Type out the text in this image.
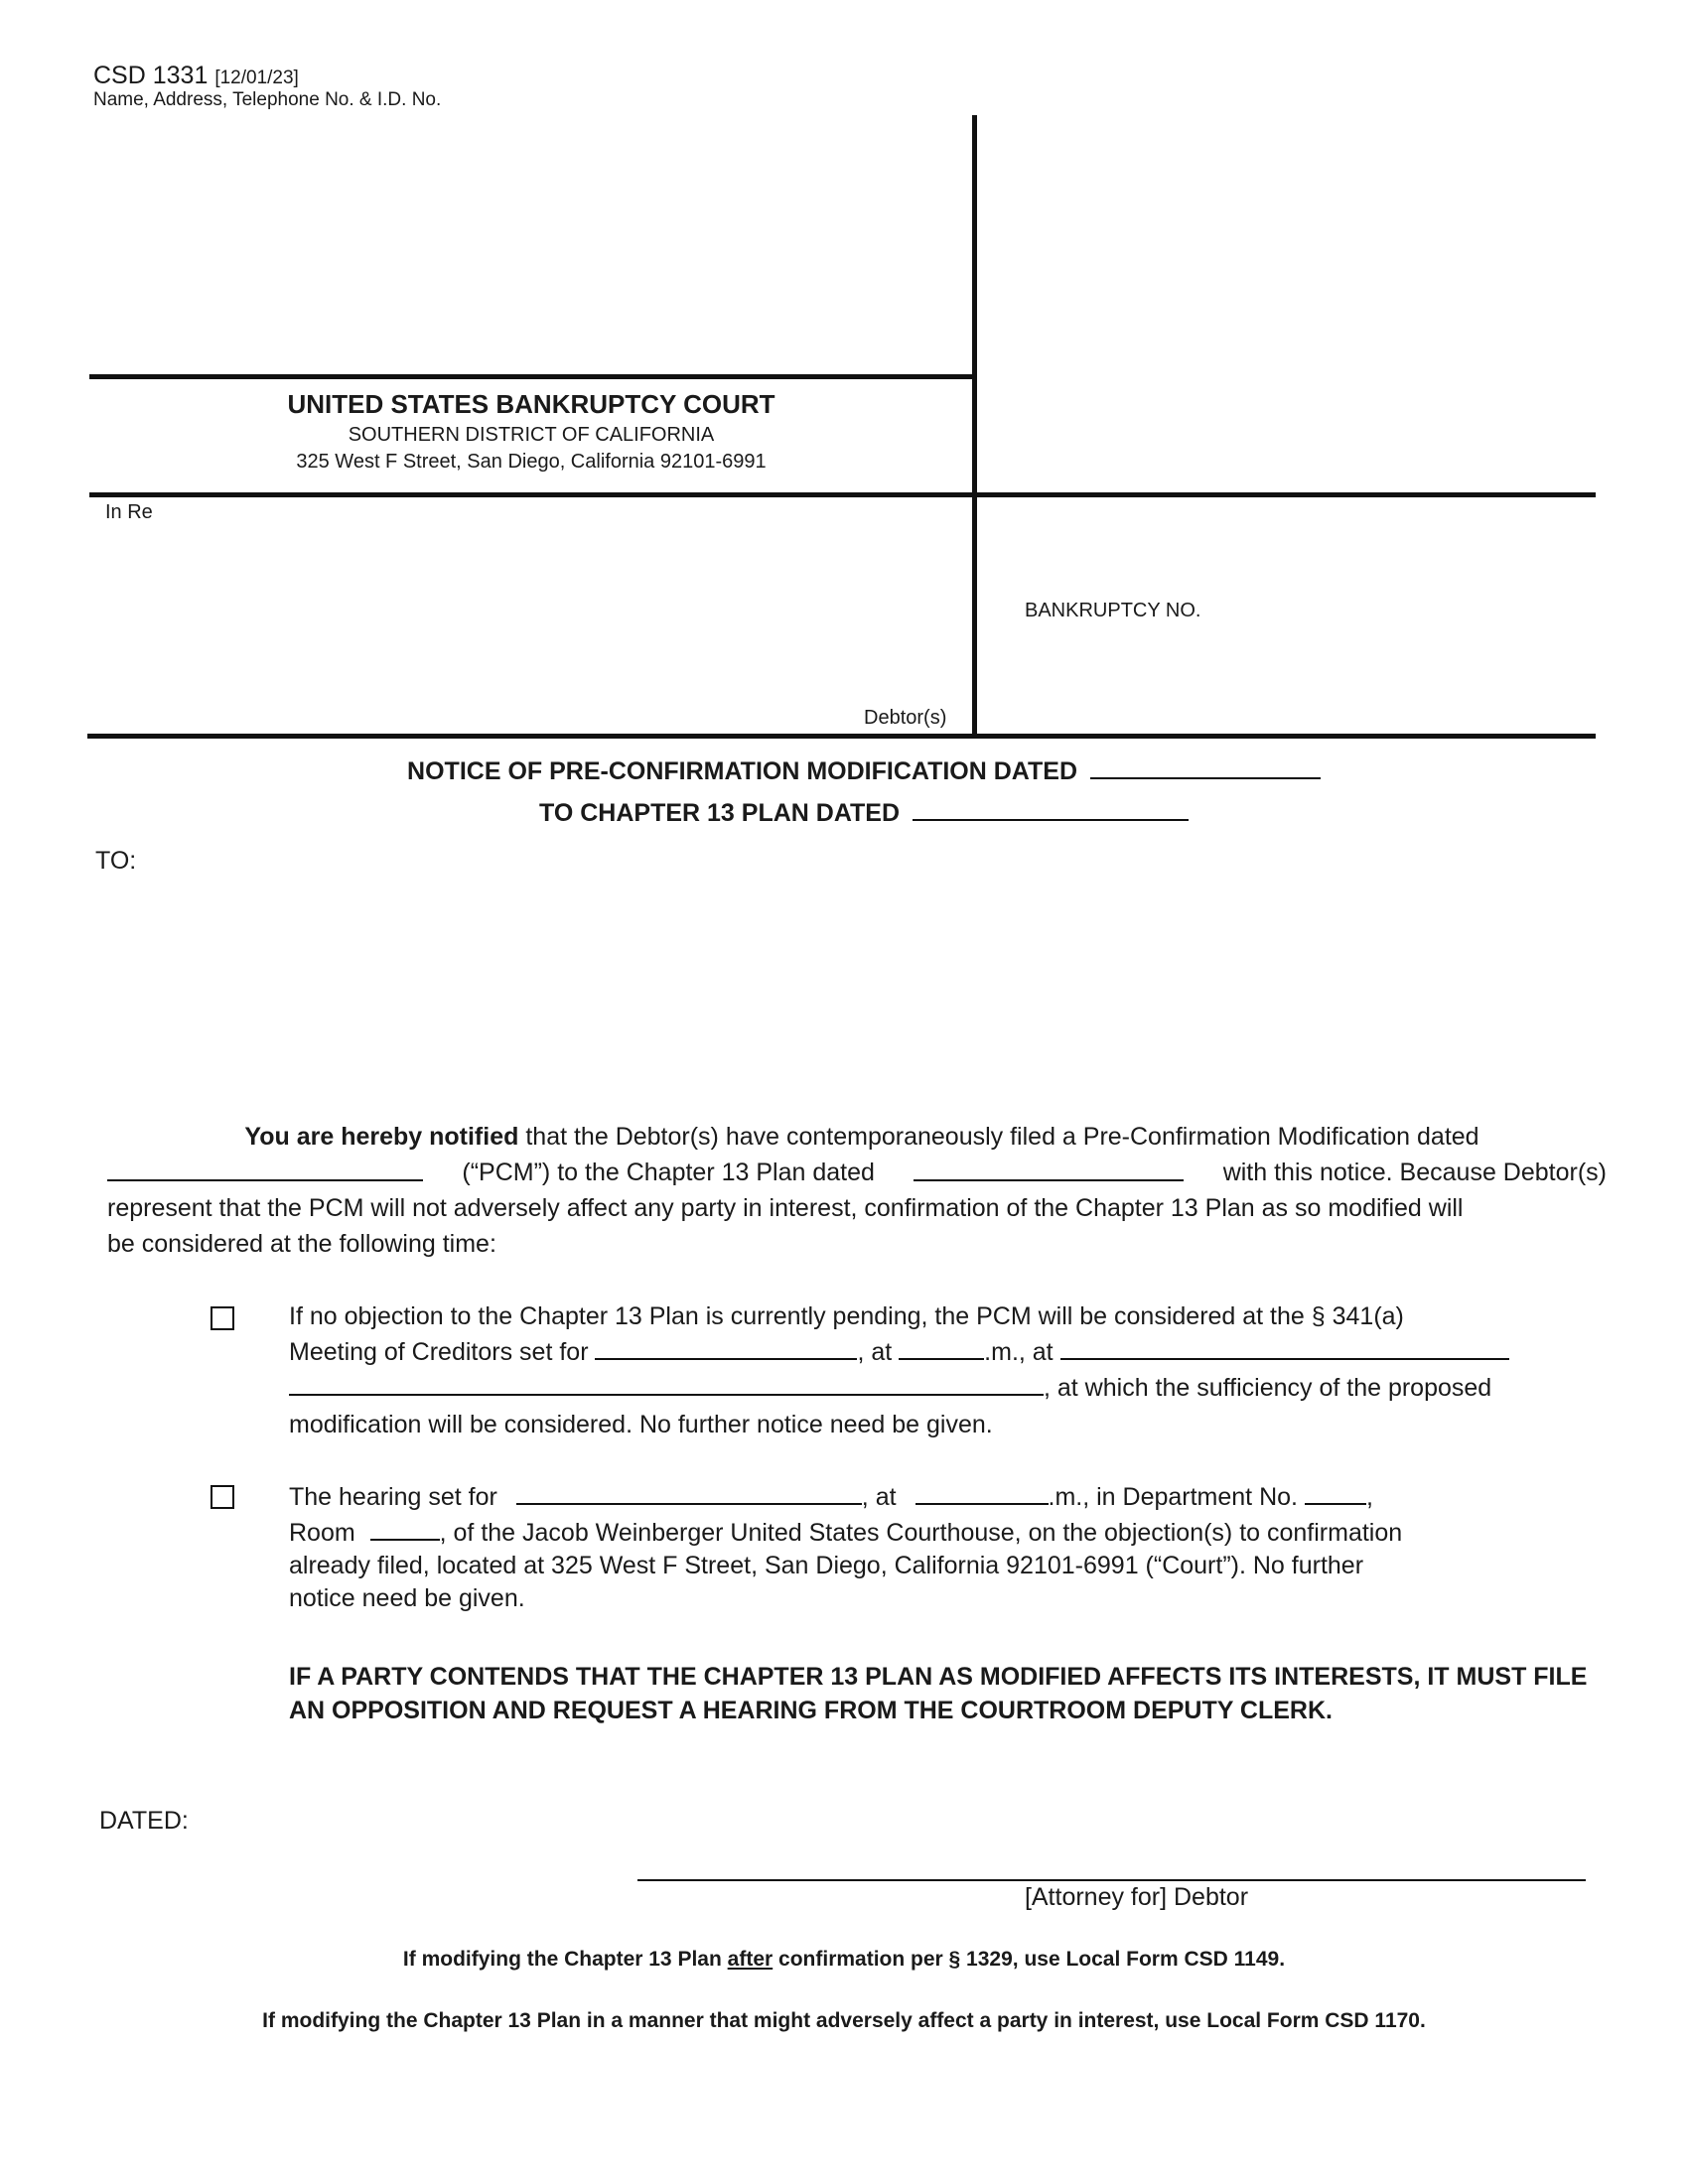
CSD 1331 [12/01/23]
Name, Address, Telephone No. & I.D. No.
UNITED STATES BANKRUPTCY COURT
SOUTHERN DISTRICT OF CALIFORNIA
325 West F Street, San Diego, California 92101-6991
In Re
BANKRUPTCY NO.
Debtor(s)
NOTICE OF PRE-CONFIRMATION MODIFICATION DATED
TO CHAPTER 13 PLAN DATED
TO:
You are hereby notified that the Debtor(s) have contemporaneously filed a Pre-Confirmation Modification dated
(“PCM”) to the Chapter 13 Plan dated	with this notice. Because Debtor(s)
represent that the PCM will not adversely affect any party in interest, confirmation of the Chapter 13 Plan as so modified will
be considered at the following time:
If no objection to the Chapter 13 Plan is currently pending, the PCM will be considered at the § 341(a)
Meeting of Creditors set for	, at	.m., at
, at which the sufficiency of the proposed
modification will be considered. No further notice need be given.
The hearing set for	, at	.m., in Department No.	,
Room	, of the Jacob Weinberger United States Courthouse, on the objection(s) to confirmation
already filed, located at 325 West F Street, San Diego, California 92101-6991 (“Court”). No further
notice need be given.
IF A PARTY CONTENDS THAT THE CHAPTER 13 PLAN AS MODIFIED AFFECTS ITS INTERESTS, IT MUST FILE AN OPPOSITION AND REQUEST A HEARING FROM THE COURTROOM DEPUTY CLERK.
DATED:
[Attorney for] Debtor
If modifying the Chapter 13 Plan after confirmation per § 1329, use Local Form CSD 1149.
If modifying the Chapter 13 Plan in a manner that might adversely affect a party in interest, use Local Form CSD 1170.
